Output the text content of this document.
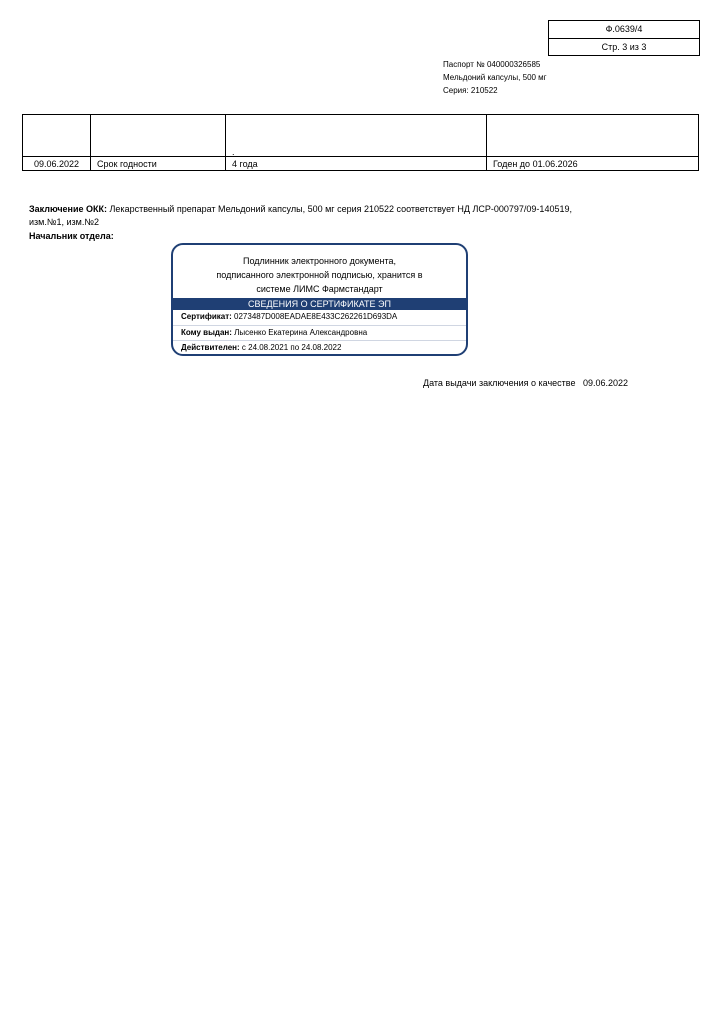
Ф.0639/4
Стр. 3 из 3
Паспорт № 040000326585
Мельдоний капсулы, 500 мг
Серия: 210522

		.	

09.06.2022	Срок годности	4 года	Годен до 01.06.2026
Заключение ОКК: Лекарственный препарат Мельдоний капсулы, 500 мг серия 210522 соответствует НД ЛСР-000797/09-140519, изм.№1, изм.№2
Начальник отдела:
Подлинник электронного документа,
подписанного электронной подписью, хранится в
системе ЛИМС Фармстандарт
СВЕДЕНИЯ О СЕРТИФИКАТЕ ЭП
Сертификат: 0273487D008EADAE8E433C262261D693DA
Кому выдан: Лысенко Екатерина Александровна
Действителен: с 24.08.2021 по 24.08.2022
Дата выдачи заключения о качестве 09.06.2022
